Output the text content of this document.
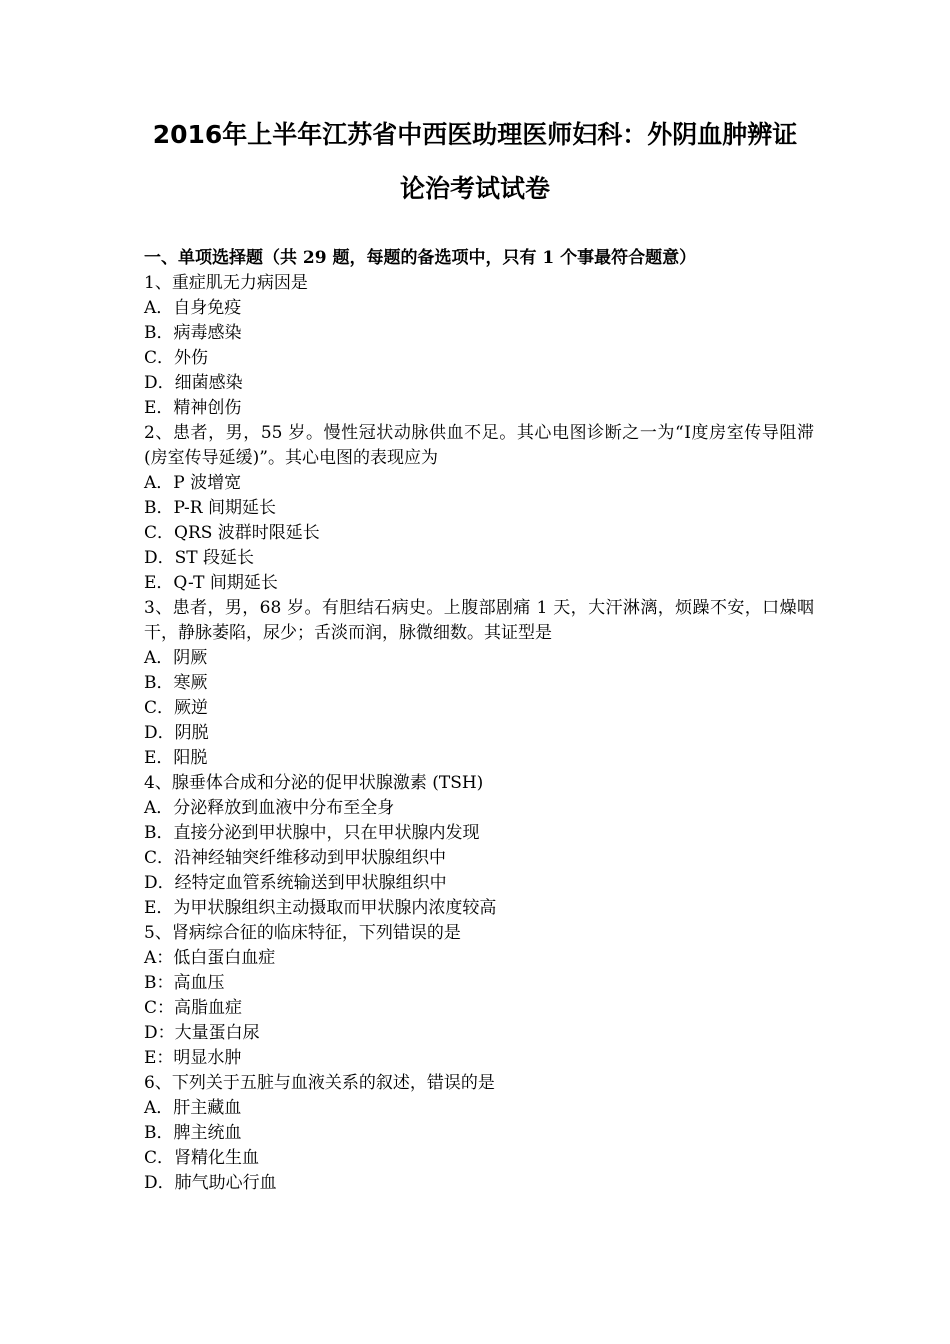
2016年上半年江苏省中西医助理医师妇科：外阴血肿辨证
论治考试试卷
一、单项选择题（共 29 题，每题的备选项中，只有 1 个事最符合题意）
1、重症肌无力病因是
A．自身免疫
B．病毒感染
C．外伤
D．细菌感染
E．精神创伤
2、患者，男，55 岁。慢性冠状动脉供血不足。其心电图诊断之一为“Ⅰ度房室传导阻滞(房室传导延缓)”。其心电图的表现应为
A．P 波增宽
B．P-R 间期延长
C．QRS 波群时限延长
D．ST 段延长
E．Q-T 间期延长
3、患者，男，68 岁。有胆结石病史。上腹部剧痛 1 天，大汗淋漓，烦躁不安，口燥咽干，静脉萎陷，尿少；舌淡而润，脉微细数。其证型是
A．阴厥
B．寒厥
C．厥逆
D．阴脱
E．阳脱
4、腺垂体合成和分泌的促甲状腺激素 (TSH)
A．分泌释放到血液中分布至全身
B．直接分泌到甲状腺中，只在甲状腺内发现
C．沿神经轴突纤维移动到甲状腺组织中
D．经特定血管系统输送到甲状腺组织中
E．为甲状腺组织主动摄取而甲状腺内浓度较高
5、肾病综合征的临床特征，下列错误的是
A：低白蛋白血症
B：高血压
C：高脂血症
D：大量蛋白尿
E：明显水肿
6、下列关于五脏与血液关系的叙述，错误的是
A．肝主藏血
B．脾主统血
C．肾精化生血
D．肺气助心行血
